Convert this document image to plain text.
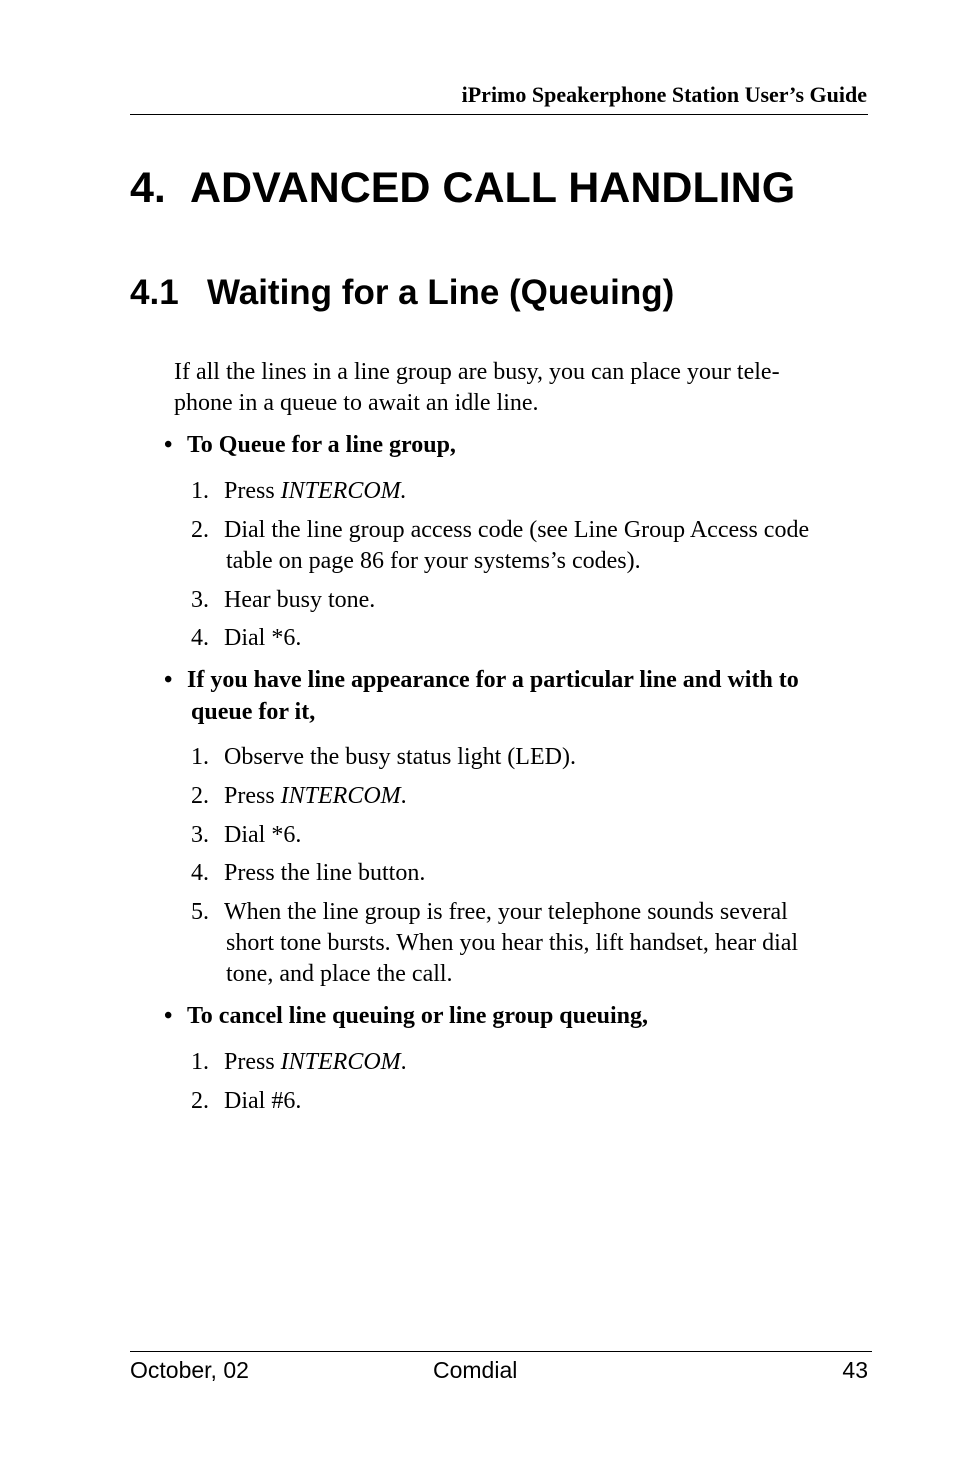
iPrimo Speakerphone Station User’s Guide
4. ADVANCED CALL HANDLING
4.1 Waiting for a Line (Queuing)
If all the lines in a line group are busy, you can place your tele-
phone in a queue to await an idle line.
• To Queue for a line group,
1. Press INTERCOM.
2. Dial the line group access code (see Line Group Access code
table on page 86 for your systems’s codes).
3. Hear busy tone.
4. Dial *6.
• If you have line appearance for a particular line and with to
queue for it,
1. Observe the busy status light (LED).
2. Press INTERCOM.
3. Dial *6.
4. Press the line button.
5. When the line group is free, your telephone sounds several
short tone bursts. When you hear this, lift handset, hear dial
tone, and place the call.
• To cancel line queuing or line group queuing,
1. Press INTERCOM.
2. Dial #6.
October, 02	Comdial	43
